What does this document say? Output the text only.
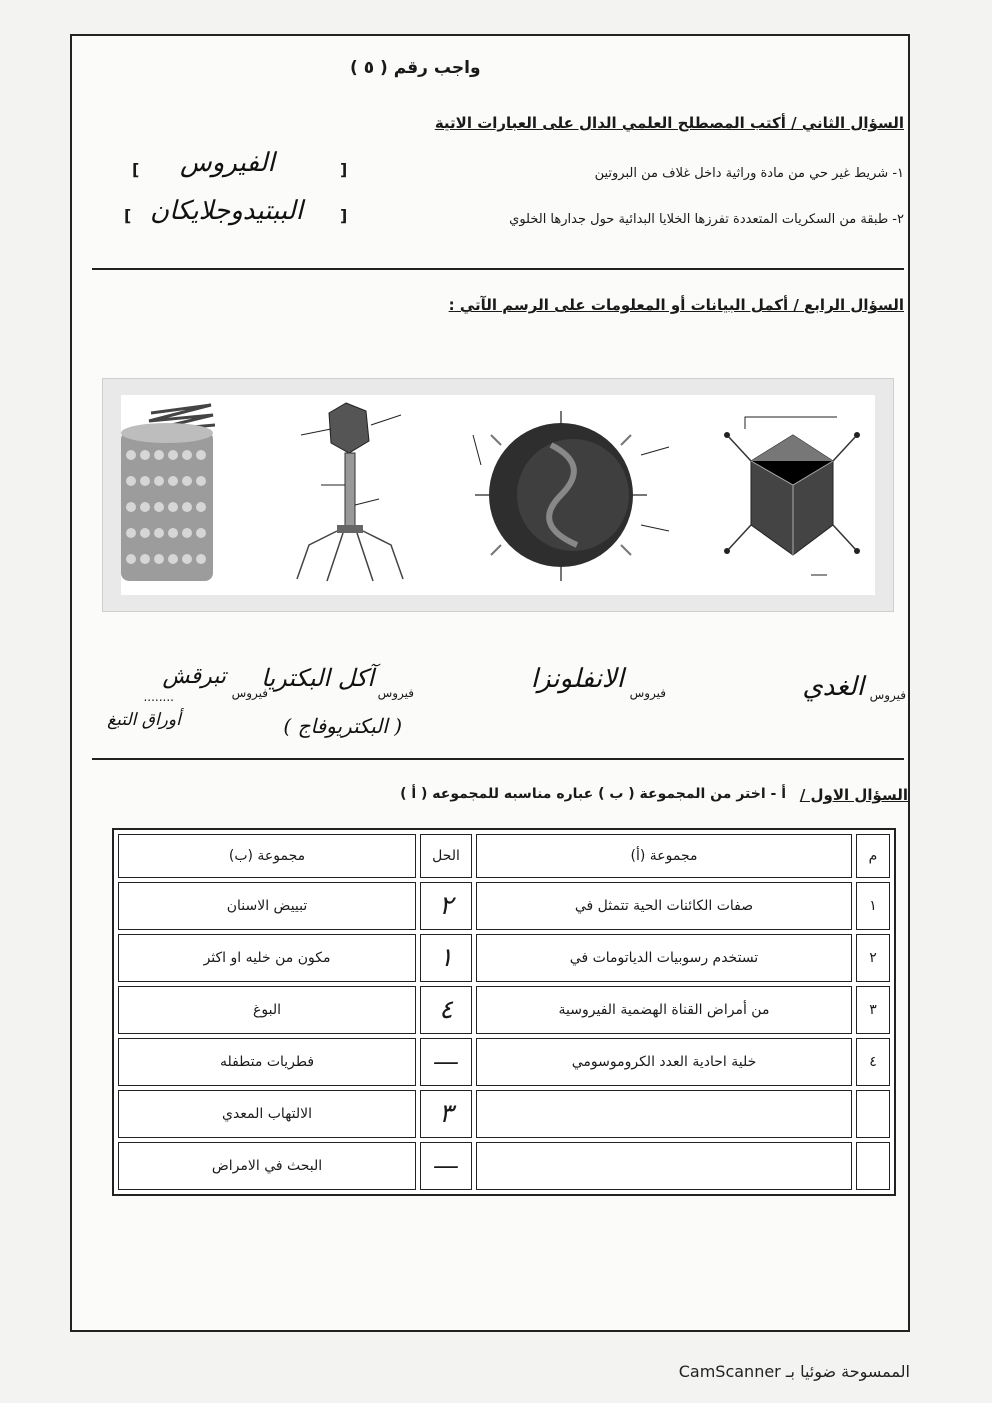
واجب رقم ( ٥ )
السؤال الثاني / أكتب المصطلح العلمي الدال على العبارات الاتية
١- شريط غير حي من مادة وراثية داخل غلاف من البروتين
[
الفيروس
]
٢- طبقة من السكريات المتعددة تفرزها الخلايا البدائية حول جدارها الخلوي
[
الببتيدوجلايكان
]
السؤال الرابع / أكمل البيانات أو المعلومات على الرسم الآتي :
فيروس
الغدي
فيروس
الانفلونزا
فيروس
آكل البكتريا
( البكتريوفاج )
فيروس
تبرقش
........
أوراق التبغ
السؤال الاول /
أ - اختر من المجموعة ( ب ) عباره مناسبه للمجموعه ( أ )
م	مجموعة (أ)	الحل	مجموعة (ب)
١	صفات الكائنات الحية تتمثل في	٢	تبييض الاسنان
٢	تستخدم رسوبيات الدياتومات في	١	مكون من خليه او اكثر
٣	من أمراض القناة الهضمية الفيروسية	٤	البوغ
٤	خلية احادية العدد الكروموسومي	—	فطريات متطفله
		٣	الالتهاب المعدي
		—	البحث في الامراض
الممسوحة ضوئيا بـ CamScanner
